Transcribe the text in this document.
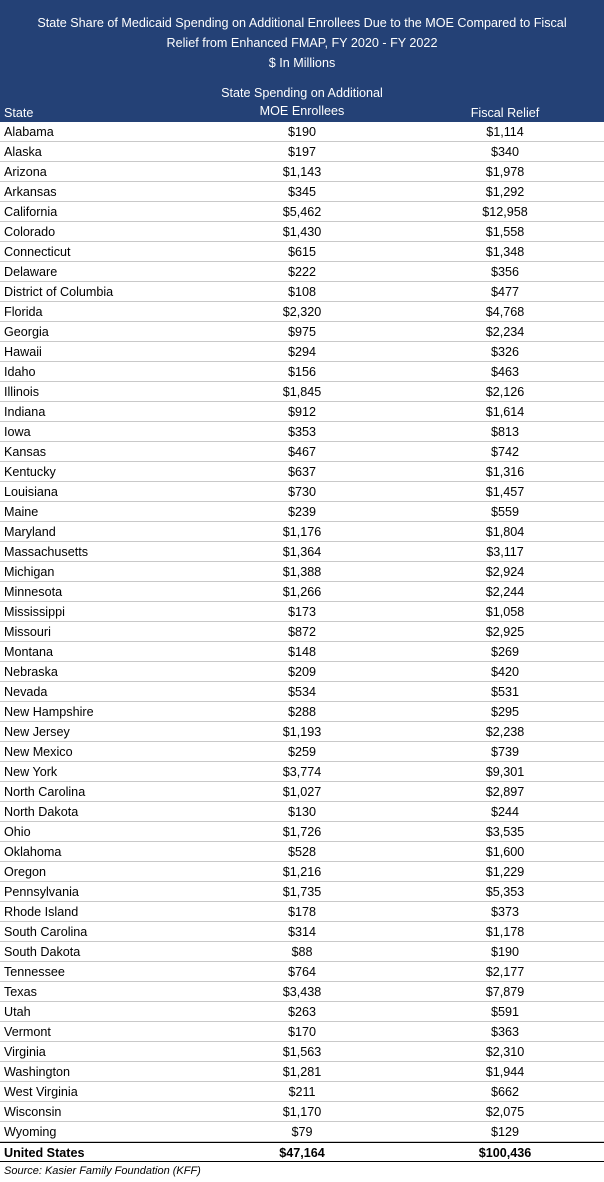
State Share of Medicaid Spending on Additional Enrollees Due to the MOE Compared to Fiscal
Relief from Enhanced FMAP, FY 2020 - FY 2022
$ In Millions
State
State Spending on Additional
MOE Enrollees	Fiscal Relief
Alabama	$190	$1,114
Alaska	$197	$340
Arizona	$1,143	$1,978
Arkansas	$345	$1,292
California	$5,462	$12,958
Colorado	$1,430	$1,558
Connecticut	$615	$1,348
Delaware	$222	$356
District of Columbia	$108	$477
Florida	$2,320	$4,768
Georgia	$975	$2,234
Hawaii	$294	$326
Idaho	$156	$463
Illinois	$1,845	$2,126
Indiana	$912	$1,614
Iowa	$353	$813
Kansas	$467	$742
Kentucky	$637	$1,316
Louisiana	$730	$1,457
Maine	$239	$559
Maryland	$1,176	$1,804
Massachusetts	$1,364	$3,117
Michigan	$1,388	$2,924
Minnesota	$1,266	$2,244
Mississippi	$173	$1,058
Missouri	$872	$2,925
Montana	$148	$269
Nebraska	$209	$420
Nevada	$534	$531
New Hampshire	$288	$295
New Jersey	$1,193	$2,238
New Mexico	$259	$739
New York	$3,774	$9,301
North Carolina	$1,027	$2,897
North Dakota	$130	$244
Ohio	$1,726	$3,535
Oklahoma	$528	$1,600
Oregon	$1,216	$1,229
Pennsylvania	$1,735	$5,353
Rhode Island	$178	$373
South Carolina	$314	$1,178
South Dakota	$88	$190
Tennessee	$764	$2,177
Texas	$3,438	$7,879
Utah	$263	$591
Vermont	$170	$363
Virginia	$1,563	$2,310
Washington	$1,281	$1,944
West Virginia	$211	$662
Wisconsin	$1,170	$2,075
Wyoming	$79	$129
United States	$47,164	$100,436
Source: Kasier Family Foundation (KFF)
